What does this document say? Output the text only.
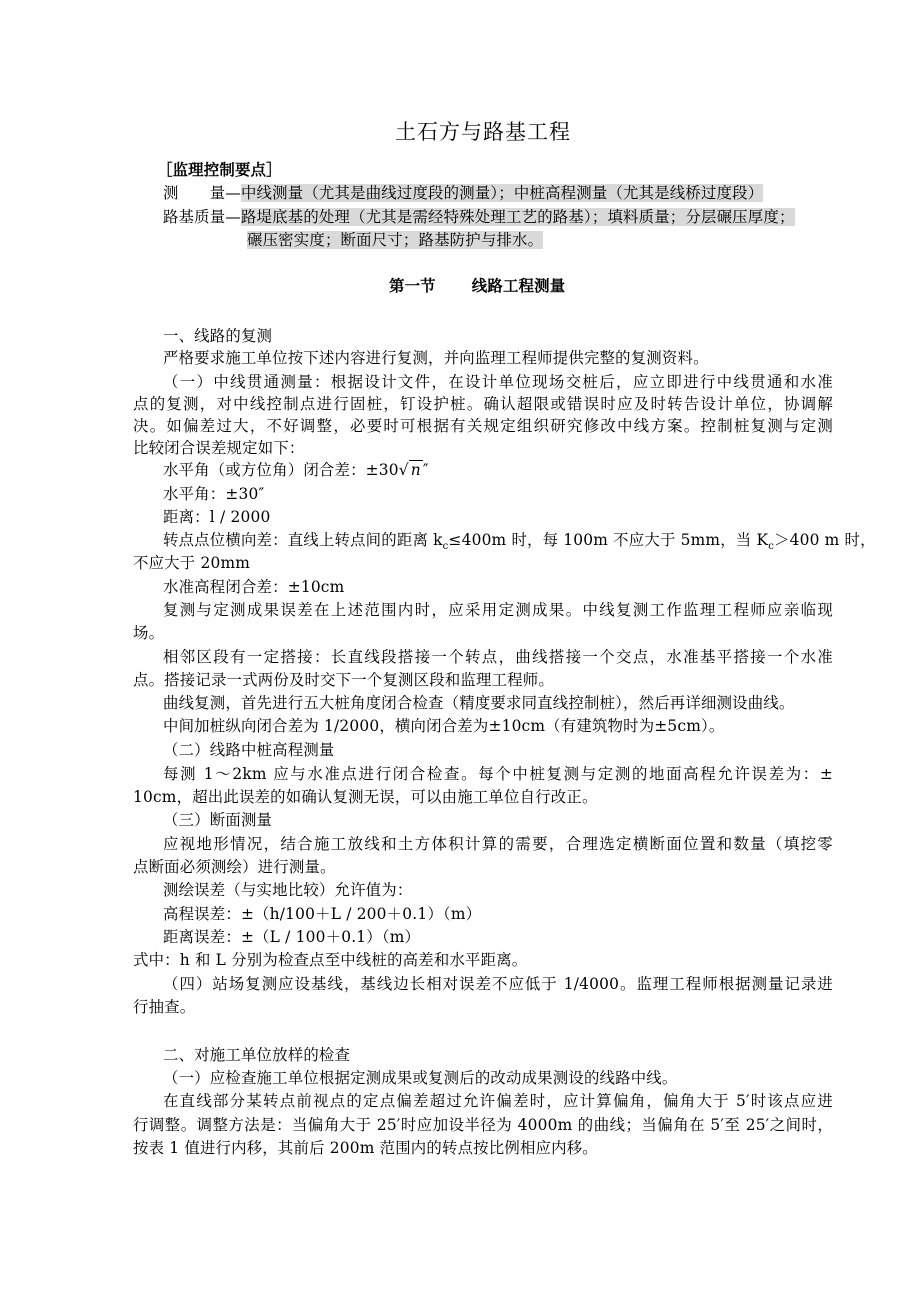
土石方与路基工程
［监理控制要点］
测　　量—中线测量（尤其是曲线过度段的测量）；中桩高程测量（尤其是线桥过度段）
路基质量—路堤底基的处理（尤其是需经特殊处理工艺的路基）；填料质量；分层碾压厚度；
碾压密实度；断面尺寸；路基防护与排水。
第一节 线路工程测量
一、线路的复测
严格要求施工单位按下述内容进行复测，并向监理工程师提供完整的复测资料。
（一）中线贯通测量：根据设计文件，在设计单位现场交桩后，应立即进行中线贯通和水准
点的复测，对中线控制点进行固桩，钉设护桩。确认超限或错误时应及时转告设计单位，协调解
决。如偏差过大，不好调整，必要时可根据有关规定组织研究修改中线方案。控制桩复测与定测
比较闭合误差规定如下：
水平角（或方位角）闭合差：±30√ n ″
水平角：±30″
距离：l / 2000
转点点位横向差：直线上转点间的距离 $k_c\le 400m$ 时，每 100m 不应大于 5mm，当 $K_c>400$ m 时，
不应大于 20mm
水准高程闭合差：±10cm
复测与定测成果误差在上述范围内时，应采用定测成果。中线复测工作监理工程师应亲临现
场。
相邻区段有一定搭接：长直线段搭接一个转点，曲线搭接一个交点，水准基平搭接一个水准
点。搭接记录一式两份及时交下一个复测区段和监理工程师。
曲线复测，首先进行五大桩角度闭合检查（精度要求同直线控制桩），然后再详细测设曲线。
中间加桩纵向闭合差为 1/2000，横向闭合差为±10cm（有建筑物时为±5cm）。
（二）线路中桩高程测量
每测 1～2km 应与水准点进行闭合检查。每个中桩复测与定测的地面高程允许误差为：±
10cm，超出此误差的如确认复测无误，可以由施工单位自行改正。
（三）断面测量
应视地形情况，结合施工放线和土方体积计算的需要，合理选定横断面位置和数量（填挖零
点断面必须测绘）进行测量。
测绘误差（与实地比较）允许值为：
高程误差：±（h/100＋L / 200＋0.1）（m）
距离误差：±（L / 100＋0.1）（m）
式中：h 和 L 分别为检查点至中线桩的高差和水平距离。
（四）站场复测应设基线，基线边长相对误差不应低于 1/4000。监理工程师根据测量记录进
行抽查。
二、对施工单位放样的检查
（一）应检查施工单位根据定测成果或复测后的改动成果测设的线路中线。
在直线部分某转点前视点的定点偏差超过允许偏差时，应计算偏角，偏角大于 5′时该点应进
行调整。调整方法是：当偏角大于 25′时应加设半径为 4000m 的曲线；当偏角在 5′至 25′之间时，
按表 1 值进行内移，其前后 200m 范围内的转点按比例相应内移。
